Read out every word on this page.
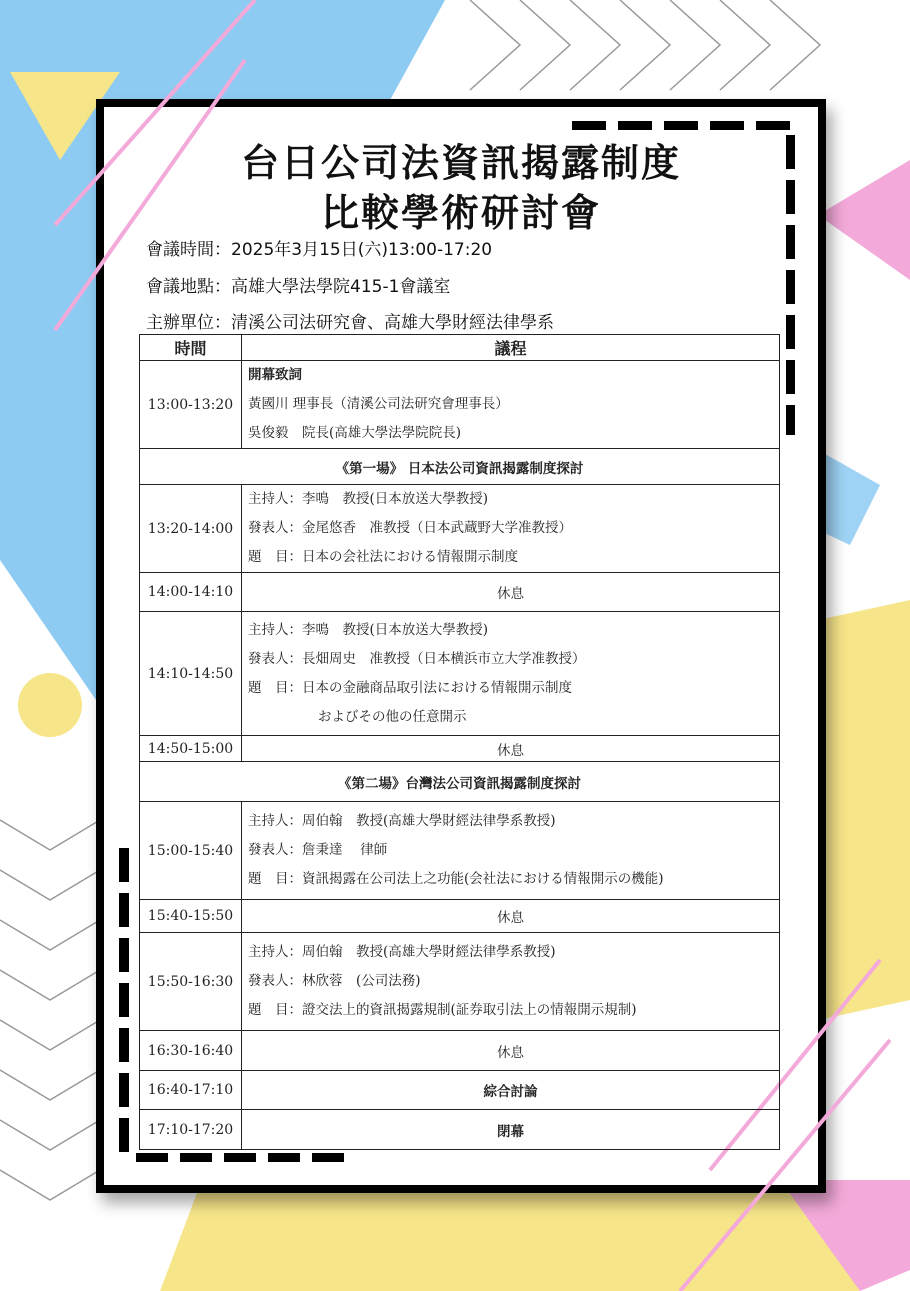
台日公司法資訊揭露制度
比較學術研討會
會議時間：2025年3月15日(六)13:00-17:20
會議地點：高雄大學法學院415-1會議室
主辦單位：清溪公司法研究會、高雄大學財經法律學系
時間	議程
13:00-13:20	開幕致詞
黃國川 理事長（清溪公司法研究會理事長）
吳俊毅　院長(高雄大學法學院院長)

《第一場》 日本法公司資訊揭露制度探討	
13:20-14:00	主持人：李鳴　教授(日本放送大學教授)
發表人：金尾悠香　准教授（日本武蔵野大学准教授）
題　目：日本の会社法における情報開示制度

14:00-14:10	休息
14:10-14:50	主持人：李鳴　教授(日本放送大學教授)
發表人：長畑周史　准教授（日本横浜市立大学准教授）
題　目：日本の金融商品取引法における情報開示制度
およびその他の任意開示

14:50-15:00	休息
《第二場》台灣法公司資訊揭露制度探討	
15:00-15:40	主持人：周伯翰　教授(高雄大學財經法律學系教授)
發表人：詹秉達　 律師
題　目：資訊揭露在公司法上之功能(会社法における情報開示の機能)

15:40-15:50	休息
15:50-16:30	主持人：周伯翰　教授(高雄大學財經法律學系教授)
發表人：林欣蓉　(公司法務)
題　目：證交法上的資訊揭露規制(証券取引法上の情報開示規制)

16:30-16:40	休息
16:40-17:10	綜合討論
17:10-17:20	閉幕
